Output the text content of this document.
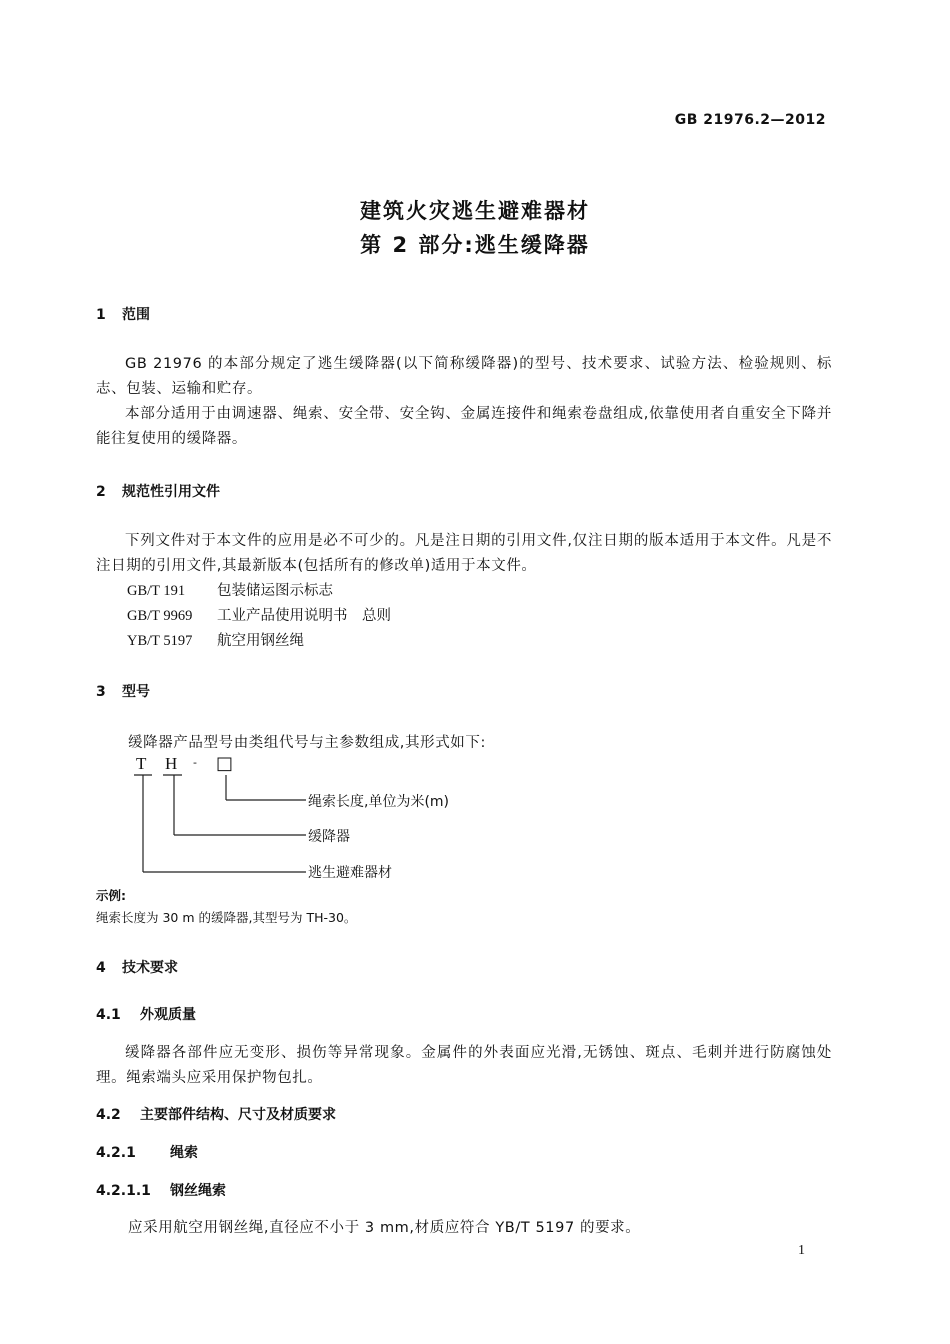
GB 21976.2—2012
建筑火灾逃生避难器材
第 2 部分:逃生缓降器
1 范围

GB 21976 的本部分规定了逃生缓降器(以下简称缓降器)的型号、技术要求、试验方法、检验规则、标志、包装、运输和贮存。

本部分适用于由调速器、绳索、安全带、安全钩、金属连接件和绳索卷盘组成,依靠使用者自重安全下降并能往复使用的缓降器。

2 规范性引用文件

下列文件对于本文件的应用是必不可少的。凡是注日期的引用文件,仅注日期的版本适用于本文件。凡是不注日期的引用文件,其最新版本(包括所有的修改单)适用于本文件。

GB/T 191 包装储运图示标志
GB/T 9969 工业产品使用说明书　总则
YB/T 5197 航空用钢丝绳
3 型号
缓降器产品型号由类组代号与主参数组成,其形式如下:
T H - □
绳索长度,单位为米(m)
缓降器
逃生避难器材
示例:
绳索长度为 30 m 的缓降器,其型号为 TH-30。
4 技术要求
4.1 外观质量

缓降器各部件应无变形、损伤等异常现象。金属件的外表面应光滑,无锈蚀、斑点、毛刺并进行防腐蚀处理。绳索端头应采用保护物包扎。

4.2 主要部件结构、尺寸及材质要求
4.2.1 绳索
4.2.1.1 钢丝绳索
应采用航空用钢丝绳,直径应不小于 3 mm,材质应符合 YB/T 5197 的要求。
1
